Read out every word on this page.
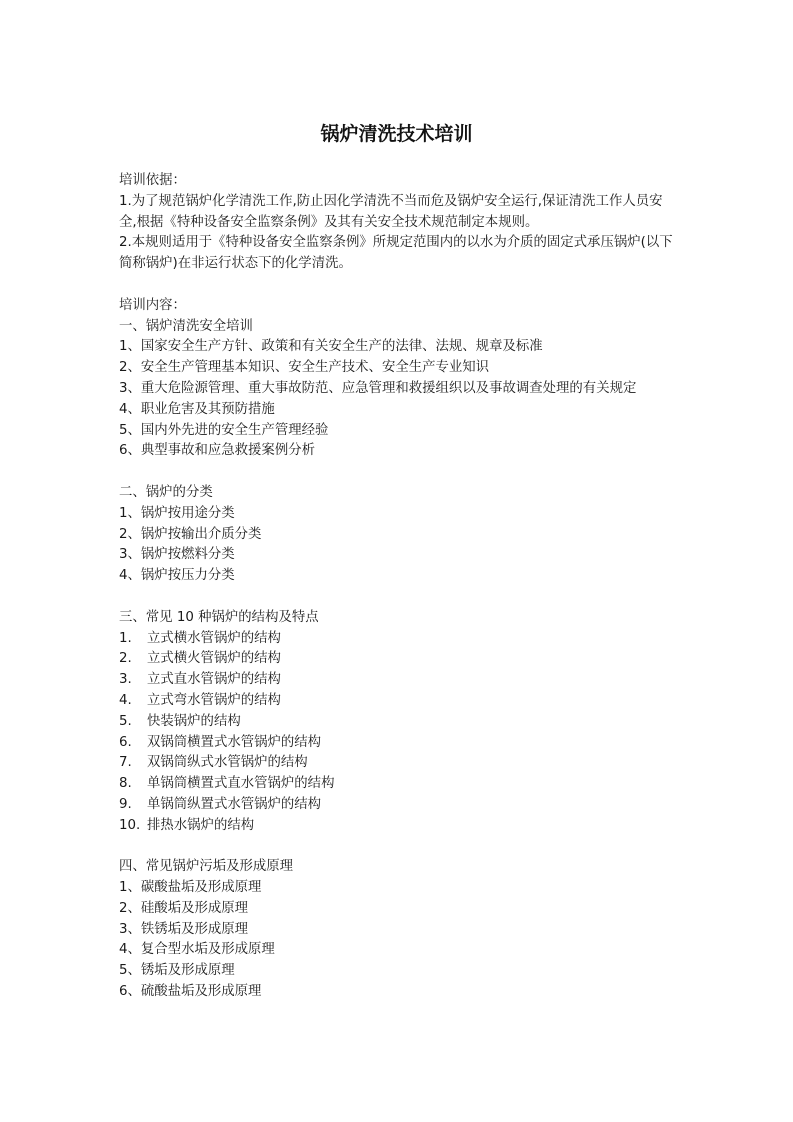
锅炉清洗技术培训
培训依据：
1.为了规范锅炉化学清洗工作,防止因化学清洗不当而危及锅炉安全运行,保证清洗工作人员安全,根据《特种设备安全监察条例》及其有关安全技术规范制定本规则。
2.本规则适用于《特种设备安全监察条例》所规定范围内的以水为介质的固定式承压锅炉(以下简称锅炉)在非运行状态下的化学清洗。
培训内容：
一、锅炉清洗安全培训
1、国家安全生产方针、政策和有关安全生产的法律、法规、规章及标准
2、安全生产管理基本知识、安全生产技术、安全生产专业知识
3、重大危险源管理、重大事故防范、应急管理和救援组织以及事故调查处理的有关规定
4、职业危害及其预防措施
5、国内外先进的安全生产管理经验
6、典型事故和应急救援案例分析
二、锅炉的分类
1、锅炉按用途分类
2、锅炉按输出介质分类
3、锅炉按燃料分类
4、锅炉按压力分类
三、常见 10 种锅炉的结构及特点
1.	立式横水管锅炉的结构
2.	立式横火管锅炉的结构
3.	立式直水管锅炉的结构
4.	立式弯水管锅炉的结构
5.	快装锅炉的结构
6.	双锅筒横置式水管锅炉的结构
7.	双锅筒纵式水管锅炉的结构
8.	单锅筒横置式直水管锅炉的结构
9.	单锅筒纵置式水管锅炉的结构
10. 排热水锅炉的结构
四、常见锅炉污垢及形成原理
1、碳酸盐垢及形成原理
2、硅酸垢及形成原理
3、铁锈垢及形成原理
4、复合型水垢及形成原理
5、锈垢及形成原理
6、硫酸盐垢及形成原理
